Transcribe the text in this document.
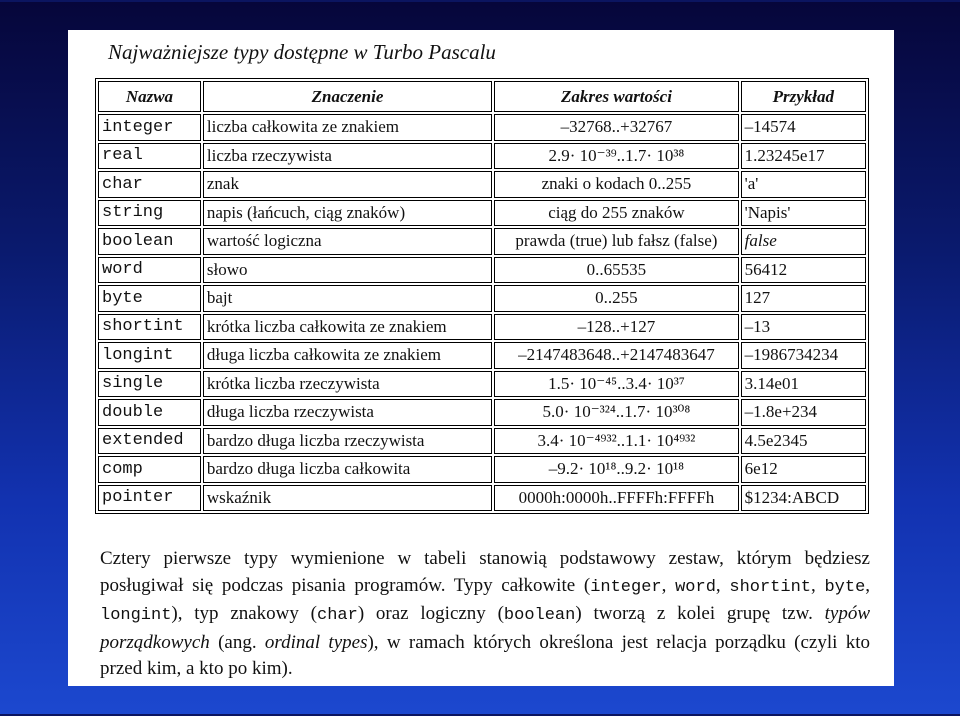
Najważniejsze typy dostępne w Turbo Pascalu
Nazwa	Znaczenie	Zakres wartości	Przykład
integer	liczba całkowita ze znakiem	–32768..+32767	–14574
real	liczba rzeczywista	2.9· 10⁻³⁹..1.7· 10³⁸	1.23245e17
char	znak	znaki o kodach 0..255	'a'
string	napis (łańcuch, ciąg znaków)	ciąg do 255 znaków	'Napis'
boolean	wartość logiczna	prawda (true) lub fałsz (false)	false
word	słowo	0..65535	56412
byte	bajt	0..255	127
shortint	krótka liczba całkowita ze znakiem	–128..+127	–13
longint	długa liczba całkowita ze znakiem	–2147483648..+2147483647	–1986734234
single	krótka liczba rzeczywista	1.5· 10⁻⁴⁵..3.4· 10³⁷	3.14e01
double	długa liczba rzeczywista	5.0· 10⁻³²⁴..1.7· 10³⁰⁸	–1.8e+234
extended	bardzo długa liczba rzeczywista	3.4· 10⁻⁴⁹³²..1.1· 10⁴⁹³²	4.5e2345
comp	bardzo długa liczba całkowita	–9.2· 10¹⁸..9.2· 10¹⁸	6e12
pointer	wskaźnik	0000h:0000h..FFFFh:FFFFh	$1234:ABCD
Cztery pierwsze typy wymienione w tabeli stanowią podstawowy zestaw, którym będziesz posługiwał się podczas pisania programów. Typy całkowite (integer, word, shortint, byte, longint), typ znakowy (char) oraz logiczny (boolean) tworzą z kolei grupę tzw. typów porządkowych (ang. ordinal types), w ramach których określona jest relacja porządku (czyli kto przed kim, a kto po kim).
